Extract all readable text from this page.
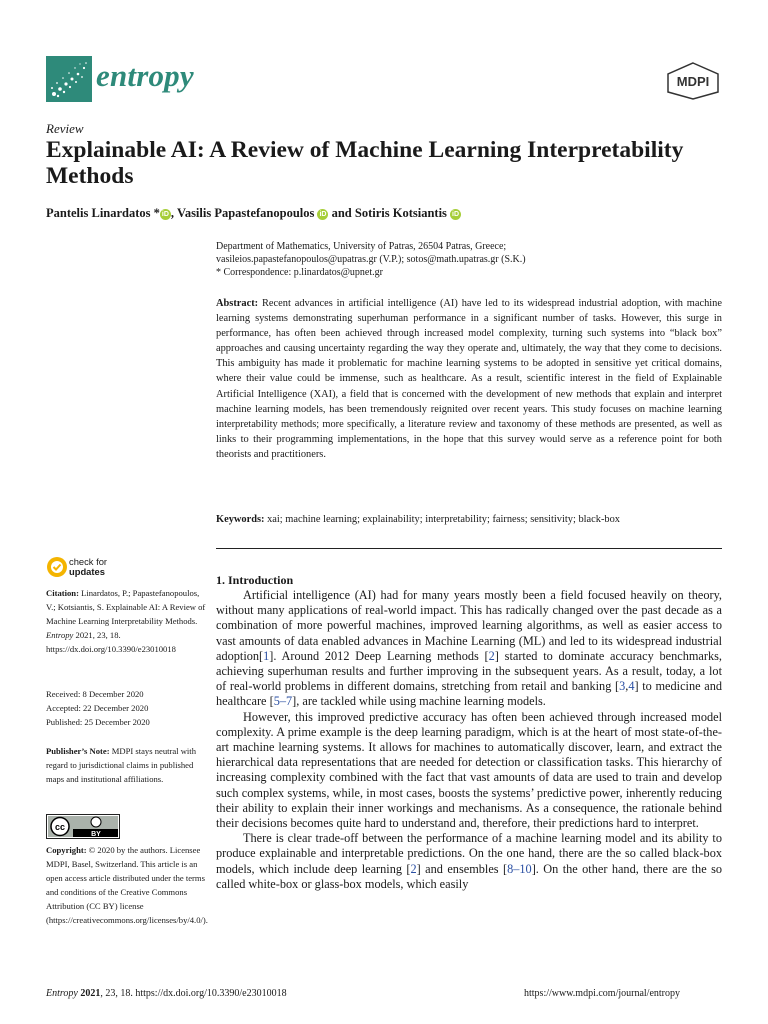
entropy	MDPI
Review
Explainable AI: A Review of Machine Learning Interpretability Methods
Pantelis Linardatos * iD , Vasilis Papastefanopoulos iD and Sotiris Kotsiantis iD
Department of Mathematics, University of Patras, 26504 Patras, Greece;
vasileios.papastefanopoulos@upatras.gr (V.P.); sotos@math.upatras.gr (S.K.)
* Correspondence: p.linardatos@upnet.gr
Abstract: Recent advances in artificial intelligence (AI) have led to its widespread industrial adoption, with machine learning systems demonstrating superhuman performance in a significant number of tasks. However, this surge in performance, has often been achieved through increased model complexity, turning such systems into “black box” approaches and causing uncertainty regarding the way they operate and, ultimately, the way that they come to decisions. This ambiguity has made it problematic for machine learning systems to be adopted in sensitive yet critical domains, where their value could be immense, such as healthcare. As a result, scientific interest in the field of Explainable Artificial Intelligence (XAI), a field that is concerned with the development of new methods that explain and interpret machine learning models, has been tremendously reignited over recent years. This study focuses on machine learning interpretability methods; more specifically, a literature review and taxonomy of these methods are presented, as well as links to their programming implementations, in the hope that this survey would serve as a reference point for both theorists and practitioners.
Keywords: xai; machine learning; explainability; interpretability; fairness; sensitivity; black-box
check for
updates
Citation: Linardatos, P.; Papastefanopoulos, V.; Kotsiantis, S. Explainable AI: A Review of Machine Learning Interpretability Methods. Entropy 2021, 23, 18. https://dx.doi.org/10.3390/e23010018
Received: 8 December 2020
Accepted: 22 December 2020
Published: 25 December 2020
Publisher’s Note: MDPI stays neutral with regard to jurisdictional claims in published maps and institutional affiliations.
cc
BY
Copyright: © 2020 by the authors. Licensee MDPI, Basel, Switzerland. This article is an open access article distributed under the terms and conditions of the Creative Commons Attribution (CC BY) license (https://creativecommons.org/licenses/by/4.0/).
1. Introduction

Artificial intelligence (AI) had for many years mostly been a field focused heavily on theory, without many applications of real-world impact. This has radically changed over the past decade as a combination of more powerful machines, improved learning algorithms, as well as easier access to vast amounts of data enabled advances in Machine Learning (ML) and led to its widespread industrial adoption[1]. Around 2012 Deep Learning methods [2] started to dominate accuracy benchmarks, achieving superhuman results and further improving in the subsequent years. As a result, today, a lot of real-world problems in different domains, stretching from retail and banking [3,4] to medicine and healthcare [5–7], are tackled while using machine learning models.

However, this improved predictive accuracy has often been achieved through increased model complexity. A prime example is the deep learning paradigm, which is at the heart of most state-of-the-art machine learning systems. It allows for machines to automatically discover, learn, and extract the hierarchical data representations that are needed for detection or classification tasks. This hierarchy of increasing complexity combined with the fact that vast amounts of data are used to train and develop such complex systems, while, in most cases, boosts the systems’ predictive power, inherently reducing their ability to explain their inner workings and mechanisms. As a consequence, the rationale behind their decisions becomes quite hard to understand and, therefore, their predictions hard to interpret.

There is clear trade-off between the performance of a machine learning model and its ability to produce explainable and interpretable predictions. On the one hand, there are the so called black-box models, which include deep learning [2] and ensembles [8–10]. On the other hand, there are the so called white-box or glass-box models, which easily

Entropy 2021, 23, 18. https://dx.doi.org/10.3390/e23010018	https://www.mdpi.com/journal/entropy
